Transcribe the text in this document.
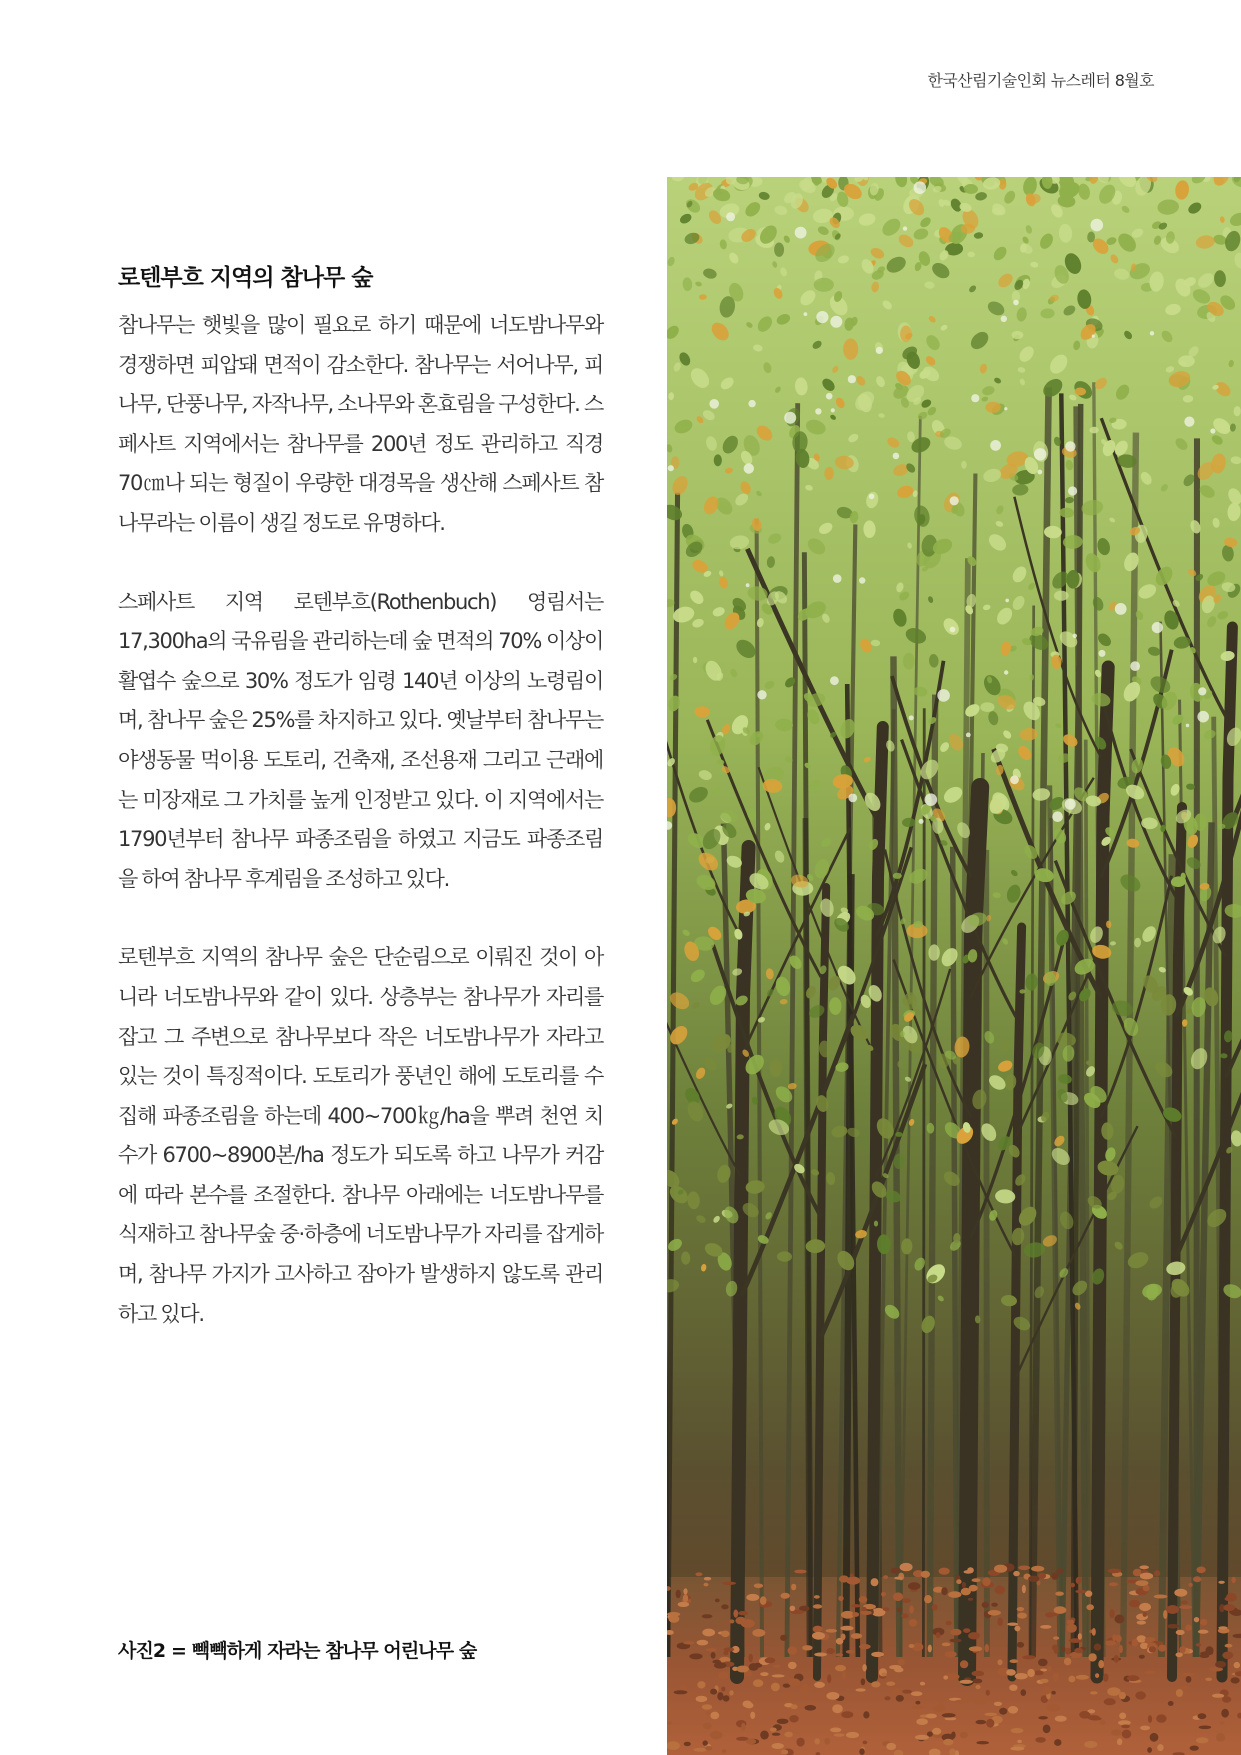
한국산림기술인회 뉴스레터 8월호
로텐부흐 지역의 참나무 숲

참나무는 햇빛을 많이 필요로 하기 때문에 너도밤나무와 경쟁하면 피압돼 면적이 감소한다. 참나무는 서어나무, 피나무, 단풍나무, 자작나무, 소나무와 혼효림을 구성한다. 스페사트 지역에서는 참나무를 200년 정도 관리하고 직경 70㎝나 되는 형질이 우량한 대경목을 생산해 스페사트 참나무라는 이름이 생길 정도로 유명하다.

스페사트 지역 로텐부흐(Rothenbuch) 영림서는 17,300ha의 국유림을 관리하는데 숲 면적의 70% 이상이 활엽수 숲으로 30% 정도가 임령 140년 이상의 노령림이며, 참나무 숲은 25%를 차지하고 있다. 옛날부터 참나무는 야생동물 먹이용 도토리, 건축재, 조선용재 그리고 근래에는 미장재로 그 가치를 높게 인정받고 있다. 이 지역에서는 1790년부터 참나무 파종조림을 하였고 지금도 파종조림을 하여 참나무 후계림을 조성하고 있다.

로텐부흐 지역의 참나무 숲은 단순림으로 이뤄진 것이 아니라 너도밤나무와 같이 있다. 상층부는 참나무가 자리를 잡고 그 주변으로 참나무보다 작은 너도밤나무가 자라고 있는 것이 특징적이다. 도토리가 풍년인 해에 도토리를 수집해 파종조림을 하는데 400~700㎏/ha을 뿌려 천연 치수가 6700~8900본/ha 정도가 되도록 하고 나무가 커감에 따라 본수를 조절한다. 참나무 아래에는 너도밤나무를 식재하고 참나무숲 중·하층에 너도밤나무가 자리를 잡게하며, 참나무 가지가 고사하고 잠아가 발생하지 않도록 관리하고 있다.

사진2 = 빽빽하게 자라는 참나무 어린나무 숲
